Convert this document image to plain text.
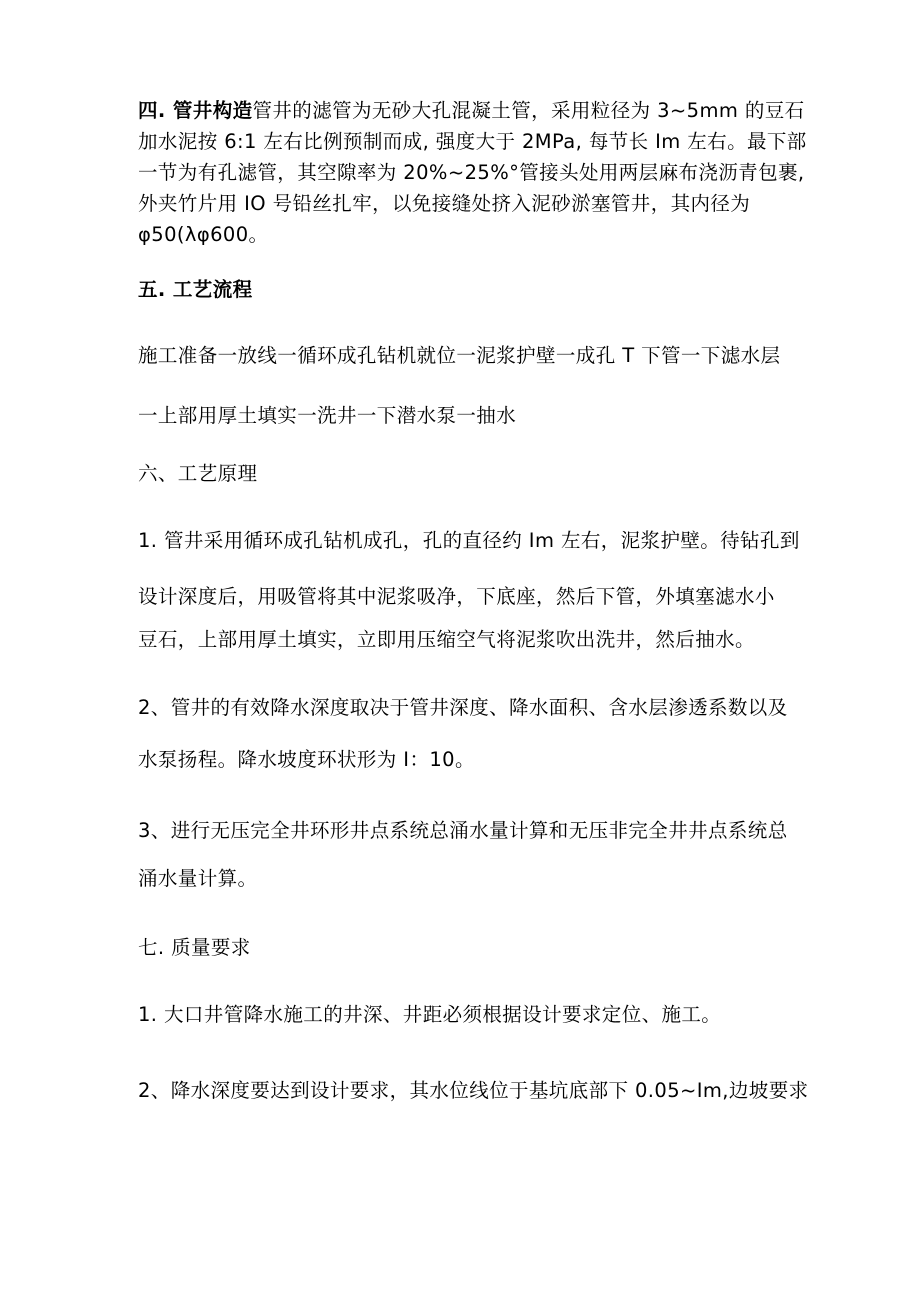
四. 管井构造管井的滤管为无砂大孔混凝土管，采用粒径为 3~5mm 的豆石
加水泥按 6:1 左右比例预制而成, 强度大于 2MPa, 每节长 Im 左右。最下部
一节为有孔滤管，其空隙率为 20%~25%°管接头处用两层麻布浇沥青包裹,
外夹竹片用 IO 号铅丝扎牢，以免接缝处挤入泥砂淤塞管井，其内径为
φ50(λφ600。
五. 工艺流程
施工准备一放线一循环成孔钻机就位一泥浆护壁一成孔 T 下管一下滤水层
一上部用厚土填实一洗井一下潜水泵一抽水
六、工艺原理
1. 管井采用循环成孔钻机成孔，孔的直径约 Im 左右，泥浆护壁。待钻孔到
设计深度后，用吸管将其中泥浆吸净，下底座，然后下管，外填塞滤水小
豆石，上部用厚土填实，立即用压缩空气将泥浆吹出洗井，然后抽水。
2、管井的有效降水深度取决于管井深度、降水面积、含水层渗透系数以及
水泵扬程。降水坡度环状形为 I：10。
3、进行无压完全井环形井点系统总涌水量计算和无压非完全井井点系统总
涌水量计算。
七. 质量要求
1. 大口井管降水施工的井深、井距必须根据设计要求定位、施工。
2、降水深度要达到设计要求，其水位线位于基坑底部下 0.05~Im,边坡要求
